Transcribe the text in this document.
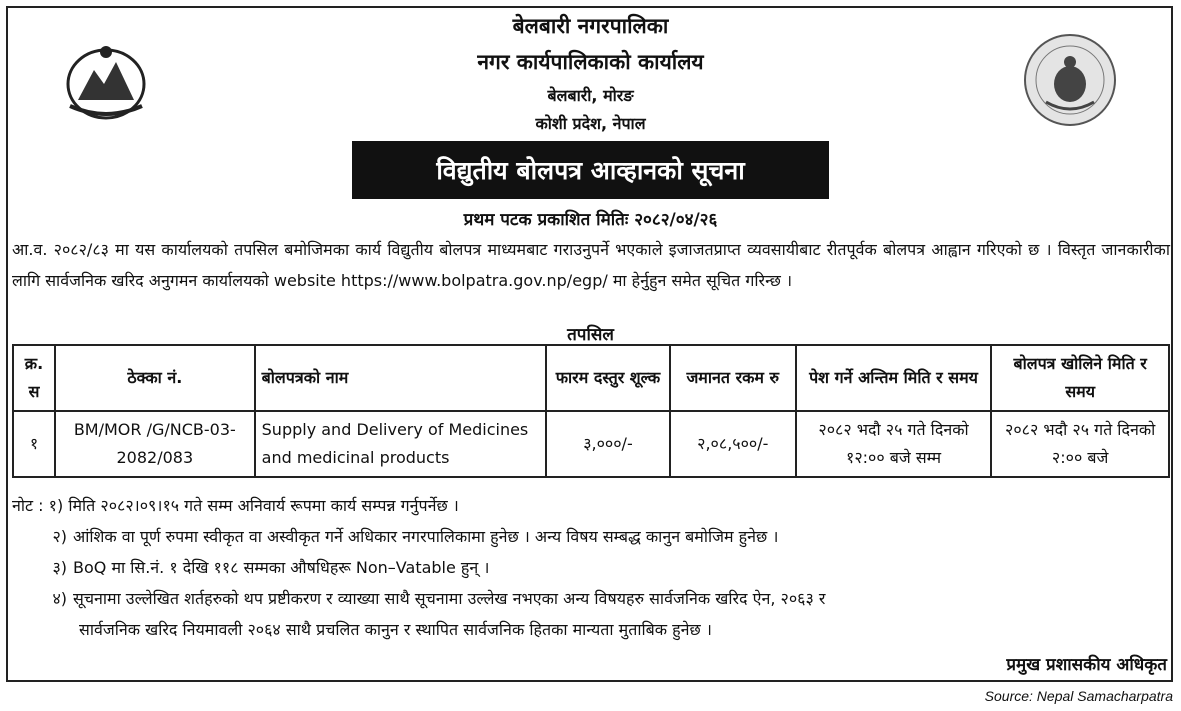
बेलबारी नगरपालिका
नगर कार्यपालिकाको कार्यालय
बेलबारी, मोरङ
कोशी प्रदेश, नेपाल
विद्युतीय बोलपत्र आव्हानको सूचना
प्रथम पटक प्रकाशित मितिः २०८२/०४/२६
आ.व. २०८२/८३ मा यस कार्यालयको तपसिल बमोजिमका कार्य विद्युतीय बोलपत्र माध्यमबाट गराउनुपर्ने भएकाले इजाजतप्राप्त व्यवसायीबाट रीतपूर्वक बोलपत्र आह्वान गरिएको छ । विस्तृत जानकारीका लागि सार्वजनिक खरिद अनुगमन कार्यालयको website https://www.bolpatra.gov.np/egp/ मा हेर्नुहुन समेत सूचित गरिन्छ ।
तपसिल
क्र. स	ठेक्का नं.	बोलपत्रको नाम	फारम दस्तुर शूल्क	जमानत रकम रु	पेश गर्ने अन्तिम मिति र समय	बोलपत्र खोलिने मिति र समय
१	BM/MOR /G/NCB-03-2082/083	Supply and Delivery of Medicines and medicinal products	३,०००/-	२,०८,५००/-	२०८२ भदौ २५ गते दिनको १२:०० बजे सम्म	२०८२ भदौ २५ गते दिनको २:०० बजे
नोट : १) मिति २०८२।०९।१५ गते सम्म अनिवार्य रूपमा कार्य सम्पन्न गर्नुपर्नेछ ।
२) आंशिक वा पूर्ण रुपमा स्वीकृत वा अस्वीकृत गर्ने अधिकार नगरपालिकामा हुनेछ । अन्य विषय सम्बद्ध कानुन बमोजिम हुनेछ ।
३) BoQ मा सि.नं. १ देखि ११८ सम्मका औषधिहरू Non–Vatable हुन् ।
४) सूचनामा उल्लेखित शर्तहरुको थप प्रष्टीकरण र व्याख्या साथै सूचनामा उल्लेख नभएका अन्य विषयहरु सार्वजनिक खरिद ऐन, २०६३ र
सार्वजनिक खरिद नियमावली २०६४ साथै प्रचलित कानुन र स्थापित सार्वजनिक हितका मान्यता मुताबिक हुनेछ ।
प्रमुख प्रशासकीय अधिकृत
Source: Nepal Samacharpatra
